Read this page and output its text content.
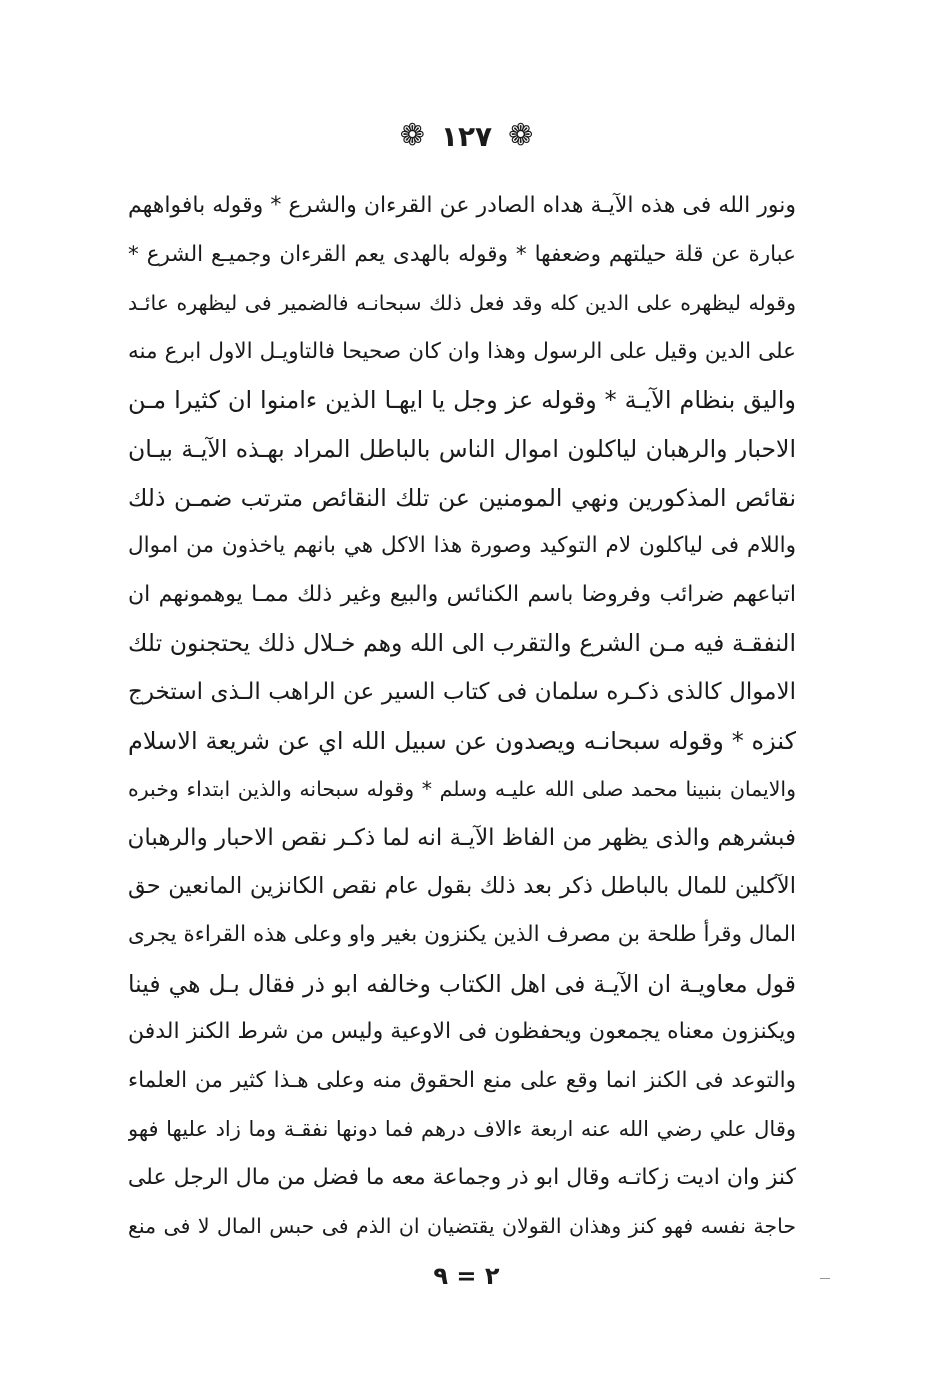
❁ ١٢٧ ❁
ونور الله فى هذه الآيـة هداه الصادر عن القرءان والشرع * وقوله بافواههم
عبارة عن قلة حيلتهم وضعفها * وقوله بالهدى يعم القرءان وجميـع الشرع *
وقوله ليظهره على الدين كله وقد فعل ذلك سبحانـه فالضمير فى ليظهره عائـد
على الدين وقيل على الرسول وهذا وان كان صحيحا فالتاويـل الاول ابرع منه
واليق بنظام الآيـة * وقوله عز وجل يا ايهـا الذين ءامنوا ان كثيرا مـن
الاحبار والرهبان لياكلون اموال الناس بالباطل المراد بهـذه الآيـة بيـان
نقائص المذكورين ونهي المومنين عن تلك النقائص مترتب ضمـن ذلك
واللام فى لياكلون لام التوكيد وصورة هذا الاكل هي بانهم ياخذون من اموال
اتباعهم ضرائب وفروضا باسم الكنائس والبيع وغير ذلك ممـا يوهمونهم ان
النفقـة فيه مـن الشرع والتقرب الى الله وهم خـلال ذلك يحتجنون تلك
الاموال كالذى ذكـره سلمان فى كتاب السير عن الراهب الـذى استخرج
كنزه * وقوله سبحانـه ويصدون عن سبيل الله اي عن شريعة الاسلام
والايمان بنبينا محمد صلى الله عليـه وسلم * وقوله سبحانه والذين ابتداء وخبره
فبشرهم والذى يظهر من الفاظ الآيـة انه لما ذكـر نقص الاحبار والرهبان
الآكلين للمال بالباطل ذكر بعد ذلك بقول عام نقص الكانزين المانعين حق
المال وقرأ طلحة بن مصرف الذين يكنزون بغير واو وعلى هذه القراءة يجرى
قول معاويـة ان الآيـة فى اهل الكتاب وخالفه ابو ذر فقال بـل هي فينا
ويكنزون معناه يجمعون ويحفظون فى الاوعية وليس من شرط الكنز الدفن
والتوعد فى الكنز انما وقع على منع الحقوق منه وعلى هـذا كثير من العلماء
وقال علي رضي الله عنه اربعة ءالاف درهم فما دونها نفقـة وما زاد عليها فهو
كنز وان اديت زكاتـه وقال ابو ذر وجماعة معه ما فضل من مال الرجل على
حاجة نفسه فهو كنز وهذان القولان يقتضيان ان الذم فى حبس المال لا فى منع
٢ = ٩
